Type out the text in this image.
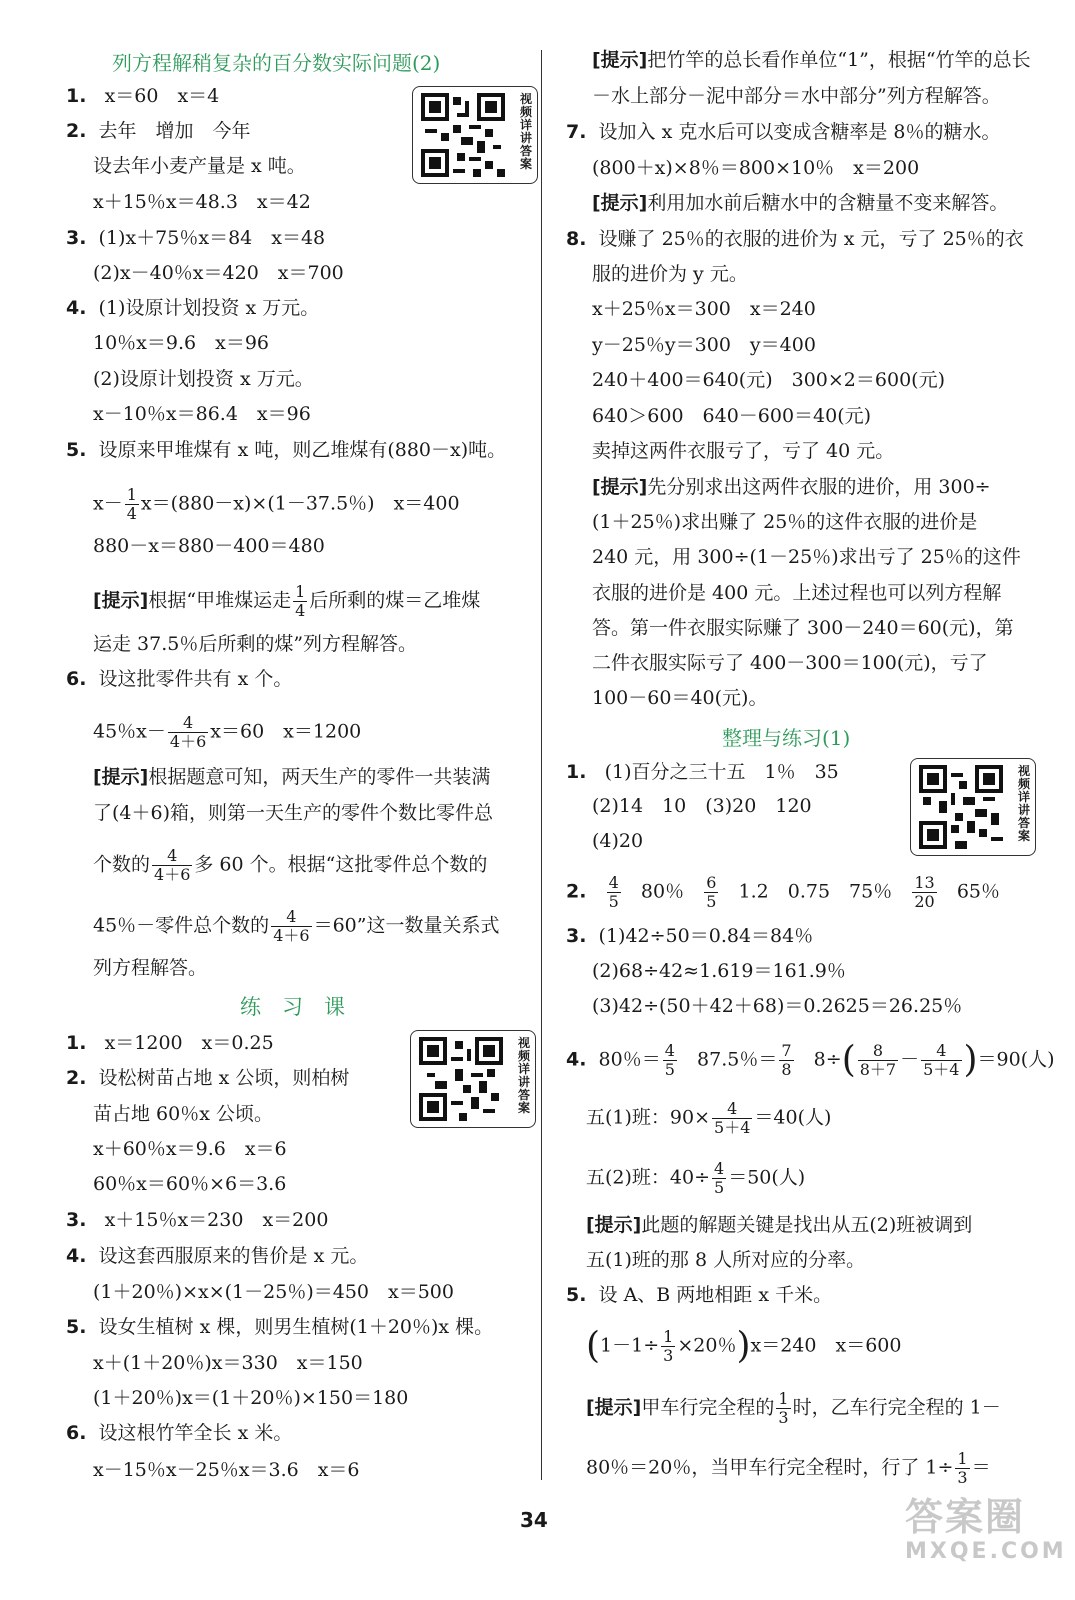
列方程解稍复杂的百分数实际问题(2)
视频详讲答案
1. x＝60　x＝4
2. 去年　增加　今年
设去年小麦产量是 x 吨。
x＋15％x＝48.3　x＝42
3. (1)x＋75％x＝84　x＝48
(2)x－40％x＝420　x＝700
4. (1)设原计划投资 x 万元。
10％x＝9.6　x＝96
(2)设原计划投资 x 万元。
x－10％x＝86.4　x＝96
5. 设原来甲堆煤有 x 吨，则乙堆煤有(880－x)吨。
$x- \frac{1}{4} x=(880-x)\times(1-37.5$％)　x＝400
880－x＝880－400＝480
[提示]根据“甲堆煤运走 $\frac{1}{4}$ 后所剩的煤＝乙堆煤
运走 37.5％后所剩的煤”列方程解答。
6. 设这批零件共有 x 个。
45％$x- \frac{4}{4+6} x=60$　x＝1200
[提示]根据题意可知，两天生产的零件一共装满
了(4＋6)箱，则第一天生产的零件个数比零件总
个数的 $\frac{4}{4+6}$ 多 60 个。根据“这批零件总个数的
45％－零件总个数的 $\frac{4}{4+6} =60$”这一数量关系式
列方程解答。
练　习　课
视频详讲答案
1. x＝1200　x＝0.25
2. 设松树苗占地 x 公顷，则柏树
苗占地 60％x 公顷。
x＋60％x＝9.6　x＝6
60％x＝60％×6＝3.6
3. x＋15％x＝230　x＝200
4. 设这套西服原来的售价是 x 元。
(1＋20％)×x×(1－25％)＝450　x＝500
5. 设女生植树 x 棵，则男生植树(1＋20％)x 棵。
x＋(1＋20％)x＝330　x＝150
(1＋20％)x＝(1＋20％)×150＝180
6. 设这根竹竿全长 x 米。
x－15％x－25％x＝3.6　x＝6
[提示]把竹竿的总长看作单位“1”，根据“竹竿的总长
－水上部分－泥中部分＝水中部分”列方程解答。
7. 设加入 x 克水后可以变成含糖率是 8％的糖水。
(800＋x)×8％＝800×10％　x＝200
[提示]利用加水前后糖水中的含糖量不变来解答。
8. 设赚了 25％的衣服的进价为 x 元，亏了 25％的衣
服的进价为 y 元。
x＋25％x＝300　x＝240
y－25％y＝300　y＝400
240＋400＝640(元)　300×2＝600(元)
640＞600　640－600＝40(元)
卖掉这两件衣服亏了，亏了 40 元。
[提示]先分别求出这两件衣服的进价，用 300÷
(1＋25％)求出赚了 25％的这件衣服的进价是
240 元，用 300÷(1－25％)求出亏了 25％的这件
衣服的进价是 400 元。上述过程也可以列方程解
答。第一件衣服实际赚了 300－240＝60(元)，第
二件衣服实际亏了 400－300＝100(元)，亏了
100－60＝40(元)。
整理与练习(1)
视频详讲答案
1. (1)百分之三十五　1％　35
(2)14　10　(3)20　120
(4)20
2. $\frac{4}{5} 80$％ $\frac{6}{5} 1.2$　0.75　75％ $\frac{13}{20} 65$％
3. (1)42÷50＝0.84＝84％
(2)68÷42≈1.619＝161.9％
(3)42÷(50＋42＋68)＝0.2625＝26.25％
4. 80％＝ $\frac{4}{5} 87.5$％＝ $\frac{7}{8} 8\div( \frac{8}{8+7} - \frac{4}{5+4} )=90$(人)
五(1)班：$90\times \frac{4}{5+4} =40$(人)
五(2)班：$40\div \frac{4}{5} =50$(人)
[提示]此题的解题关键是找出从五(2)班被调到
五(1)班的那 8 人所对应的分率。
5. 设 A、B 两地相距 x 千米。
($1-1\div \frac{1}{3} \times 20$％)x＝240　x＝600
[提示]甲车行完全程的 $\frac{1}{3}$ 时，乙车行完全程的 1－
80％＝20％，当甲车行完全程时，行了 $1\div \frac{1}{3}$ ＝
34	答案圈
MXQE.COM
